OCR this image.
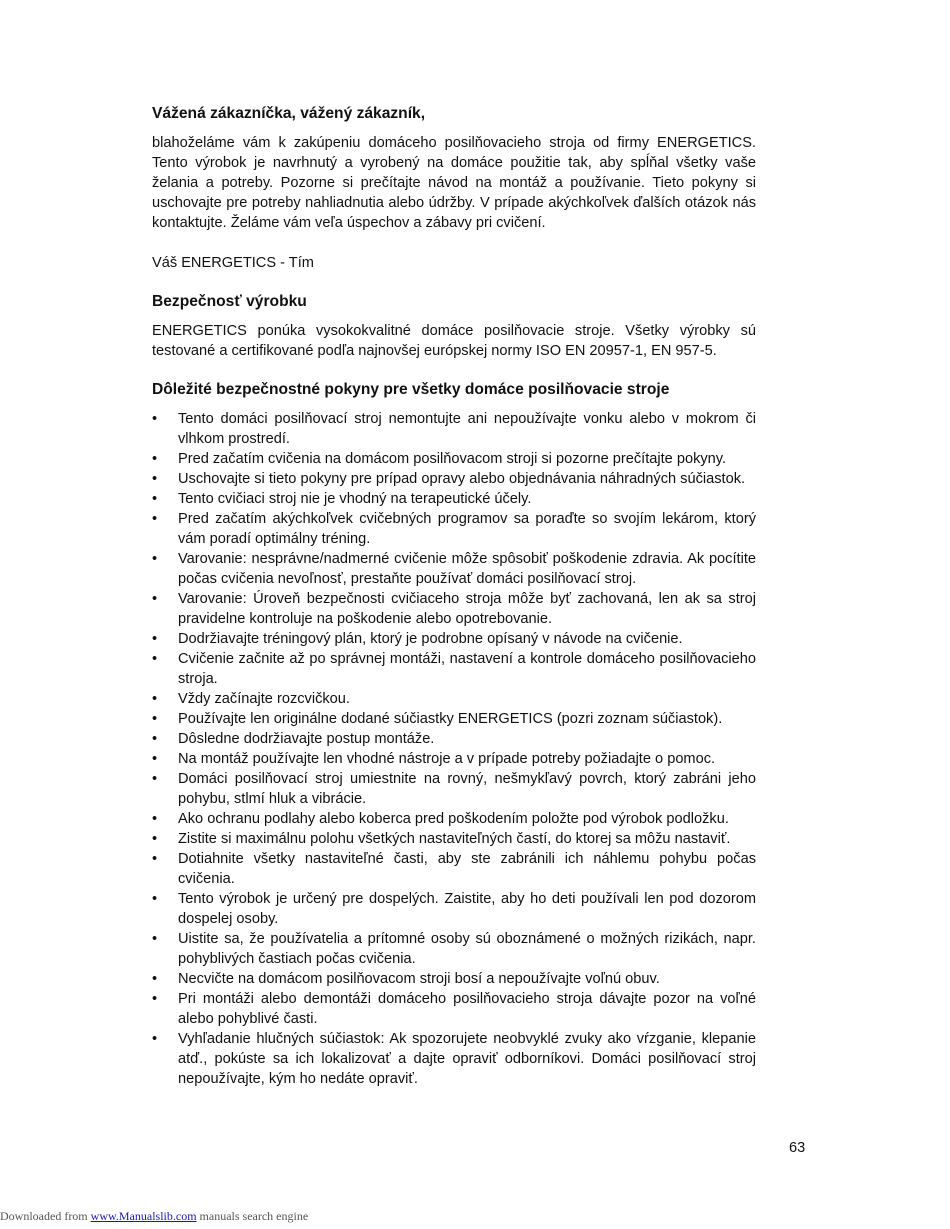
Vážená zákazníčka, vážený zákazník,

blahoželáme vám k zakúpeniu domáceho posilňovacieho stroja od firmy ENERGETICS. Tento výrobok je navrhnutý a vyrobený na domáce použitie tak, aby spĺňal všetky vaše želania a potreby. Pozorne si prečítajte návod na montáž a používanie. Tieto pokyny si uschovajte pre potreby nahliadnutia alebo údržby. V prípade akýchkoľvek ďalších otázok nás kontaktujte. Želáme vám veľa úspechov a zábavy pri cvičení.

Váš ENERGETICS - Tím

Bezpečnosť výrobku

ENERGETICS ponúka vysokokvalitné domáce posilňovacie stroje. Všetky výrobky sú testované a certifikované podľa najnovšej európskej normy ISO EN 20957-1, EN 957-5.

Dôležité bezpečnostné pokyny pre všetky domáce posilňovacie stroje
• Tento domáci posilňovací stroj nemontujte ani nepoužívajte vonku alebo v mokrom či vlhkom prostredí.
• Pred začatím cvičenia na domácom posilňovacom stroji si pozorne prečítajte pokyny.
• Uschovajte si tieto pokyny pre prípad opravy alebo objednávania náhradných súčiastok.
• Tento cvičiaci stroj nie je vhodný na terapeutické účely.
• Pred začatím akýchkoľvek cvičebných programov sa poraďte so svojím lekárom, ktorý vám poradí optimálny tréning.
• Varovanie: nesprávne/nadmerné cvičenie môže spôsobiť poškodenie zdravia. Ak pocítite počas cvičenia nevoľnosť, prestaňte používať domáci posilňovací stroj.
• Varovanie: Úroveň bezpečnosti cvičiaceho stroja môže byť zachovaná, len ak sa stroj pravidelne kontroluje na poškodenie alebo opotrebovanie.
• Dodržiavajte tréningový plán, ktorý je podrobne opísaný v návode na cvičenie.
• Cvičenie začnite až po správnej montáži, nastavení a kontrole domáceho posilňovacieho stroja.
• Vždy začínajte rozcvičkou.
• Používajte len originálne dodané súčiastky ENERGETICS (pozri zoznam súčiastok).
• Dôsledne dodržiavajte postup montáže.
• Na montáž používajte len vhodné nástroje a v prípade potreby požiadajte o pomoc.
• Domáci posilňovací stroj umiestnite na rovný, nešmykľavý povrch, ktorý zabráni jeho pohybu, stlmí hluk a vibrácie.
• Ako ochranu podlahy alebo koberca pred poškodením položte pod výrobok podložku.
• Zistite si maximálnu polohu všetkých nastaviteľných častí, do ktorej sa môžu nastaviť.
• Dotiahnite všetky nastaviteľné časti, aby ste zabránili ich náhlemu pohybu počas cvičenia.
• Tento výrobok je určený pre dospelých. Zaistite, aby ho deti používali len pod dozorom dospelej osoby.
• Uistite sa, že používatelia a prítomné osoby sú oboznámené o možných rizikách, napr. pohyblivých častiach počas cvičenia.
• Necvičte na domácom posilňovacom stroji bosí a nepoužívajte voľnú obuv.
• Pri montáži alebo demontáži domáceho posilňovacieho stroja dávajte pozor na voľné alebo pohyblivé časti.
• Vyhľadanie hlučných súčiastok: Ak spozorujete neobvyklé zvuky ako vŕzganie, klepanie atď., pokúste sa ich lokalizovať a dajte opraviť odborníkovi. Domáci posilňovací stroj nepoužívajte, kým ho nedáte opraviť.
63
Downloaded from www.Manualslib.com manuals search engine
